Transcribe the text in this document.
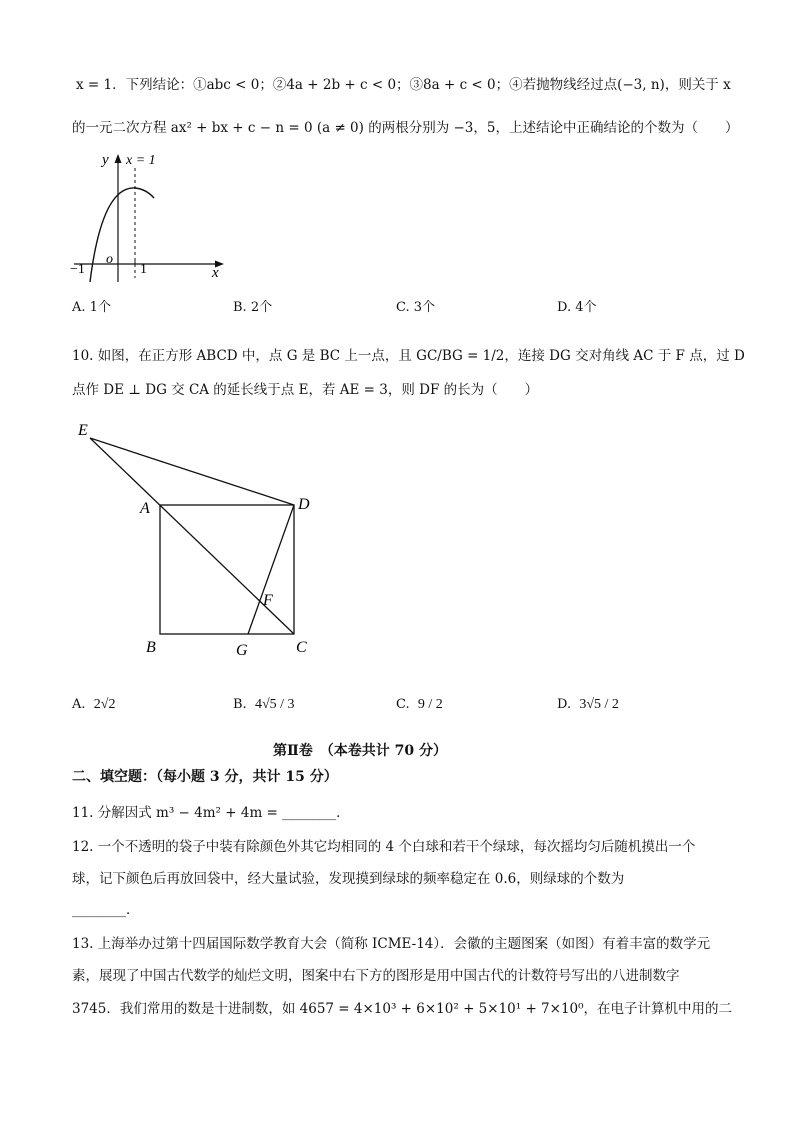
x = 1．下列结论：①abc < 0；②4a + 2b + c < 0；③8a + c < 0；④若抛物线经过点(−3, n)，则关于 x
的一元二次方程 ax² + bx + c − n = 0 (a ≠ 0) 的两根分别为 −3，5，上述结论中正确结论的个数为（　　）
y x = 1
o
−1	1	x
A. 1个	B. 2个	C. 3个	D. 4个
10. 如图，在正方形 ABCD 中，点 G 是 BC 上一点，且 GC/BG = 1/2，连接 DG 交对角线 AC 于 F 点，过 D
点作 DE ⊥ DG 交 CA 的延长线于点 E，若 AE = 3，则 DF 的长为（　　）
E
A	D
F
B	G	C
A. 2√2	B. 4√5 / 3	C. 9 / 2	D. 3√5 / 2
第Ⅱ卷　（本卷共计 70 分）
二、填空题：（每小题 3 分，共计 15 分）
11. 分解因式 m³ − 4m² + 4m = ________．
12. 一个不透明的袋子中装有除颜色外其它均相同的 4 个白球和若干个绿球，每次摇均匀后随机摸出一个
球，记下颜色后再放回袋中，经大量试验，发现摸到绿球的频率稳定在 0.6，则绿球的个数为
________．
13. 上海举办过第十四届国际数学教育大会（简称 ICME-14）．会徽的主题图案（如图）有着丰富的数学元
素，展现了中国古代数学的灿烂文明，图案中右下方的图形是用中国古代的计数符号写出的八进制数字
3745．我们常用的数是十进制数，如 4657 = 4×10³ + 6×10² + 5×10¹ + 7×10⁰，在电子计算机中用的二
